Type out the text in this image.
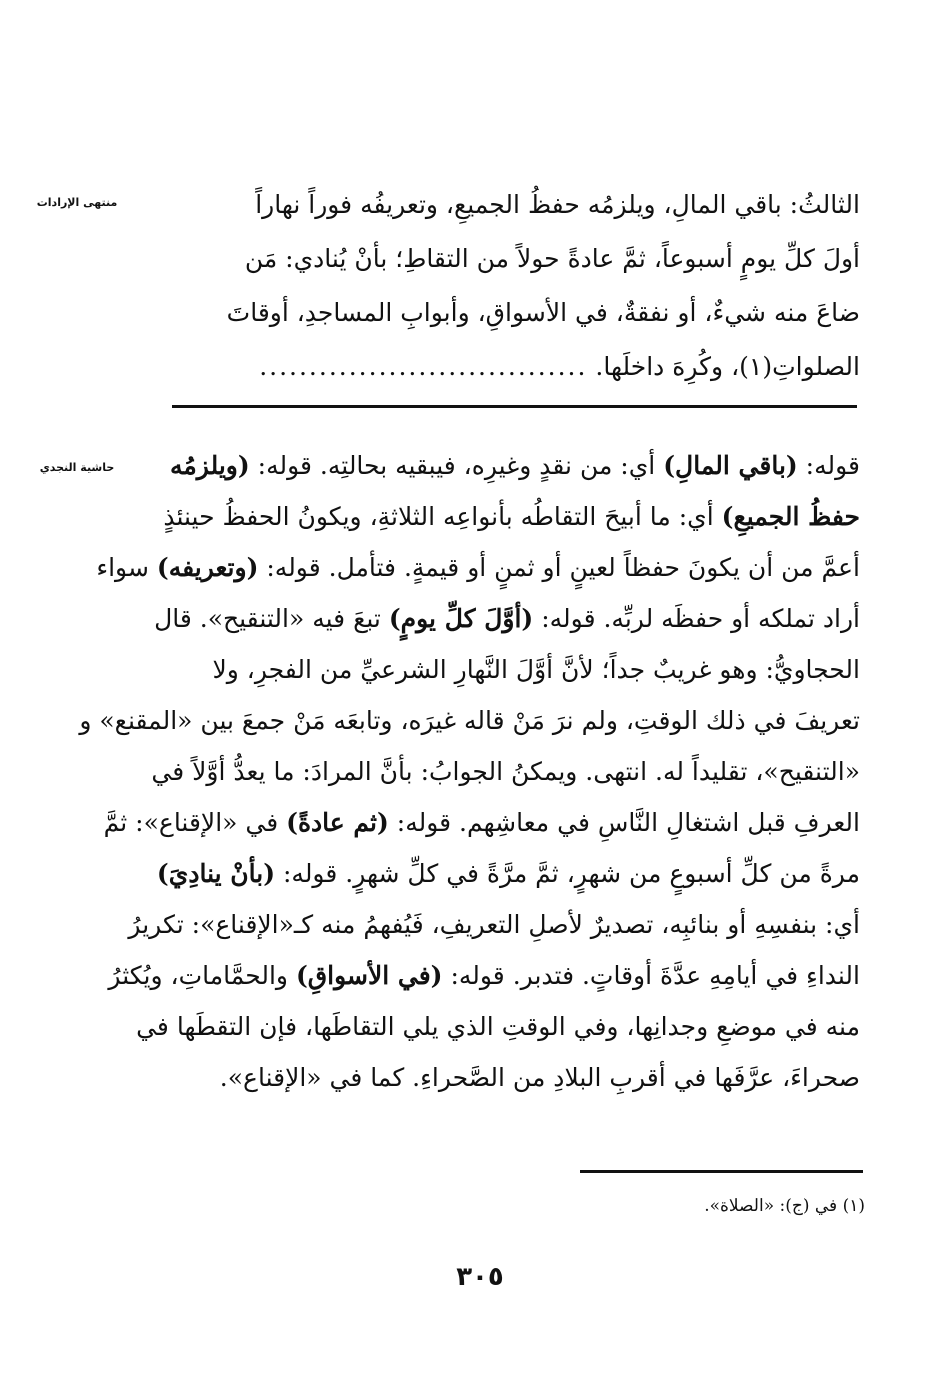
منتهى الإرادات	الثالثُ: باقي المالِ، ويلزمُه حفظُ الجميعِ، وتعريفُه فوراً نهاراً
أولَ كلِّ يومٍ أسبوعاً، ثمَّ عادةً حولاً من التقاطِ؛ بأنْ يُنادي: مَن
ضاعَ منه شيءٌ، أو نفقةٌ، في الأسواقِ، وأبوابِ المساجدِ، أوقاتَ
الصلواتِ(١)، وكُرِهَ داخلَها. .................................
حاشية النجدي	قوله: (باقي المالِ) أي: من نقدٍ وغيرِه، فيبقيه بحالتِه. قوله: (ويلزمُه
حفظُ الجميعِ) أي: ما أبيحَ التقاطُه بأنواعِه الثلاثةِ، ويكونُ الحفظُ حينئذٍ
أعمَّ من أن يكونَ حفظاً لعينٍ أو ثمنٍ أو قيمةٍ. فتأمل. قوله: (وتعريفه) سواء
أراد تملكه أو حفظَه لربِّه. قوله: (أوَّلَ كلِّ يومٍ) تبعَ فيه «التنقيح». قال
الحجاويُّ: وهو غريبٌ جداً؛ لأنَّ أوَّلَ النَّهارِ الشرعيِّ من الفجرِ، ولا
تعريفَ في ذلك الوقتِ، ولم نرَ مَنْ قاله غيرَه، وتابعَه مَنْ جمعَ بين «المقنع» و
«التنقيح»، تقليداً له. انتهى. ويمكنُ الجوابُ: بأنَّ المرادَ: ما يعدُّ أوَّلاً في
العرفِ قبل اشتغالِ النَّاسِ في معاشِهم. قوله: (ثم عادةً) في «الإقناع»: ثمَّ
مرةً من كلِّ أسبوعٍ من شهرٍ، ثمَّ مرَّةً في كلِّ شهرٍ. قوله: (بأنْ ينادِيَ)
أي: بنفسِهِ أو بنائبِه، تصديرٌ لأصلِ التعريفِ، فَيُفهمُ منه كـ«الإقناع»: تكريرُ
النداءِ في أيامِهِ عدَّةَ أوقاتٍ. فتدبر. قوله: (في الأسواقِ) والحمَّاماتِ، ويُكثرُ
منه في موضعِ وجدانِها، وفي الوقتِ الذي يلي التقاطَها، فإن التقطَها في
صحراءَ، عرَّفَها في أقربِ البلادِ من الصَّحراءِ. كما في «الإقناع».
(١) في (ج): «الصلاة».
٣٠٥
